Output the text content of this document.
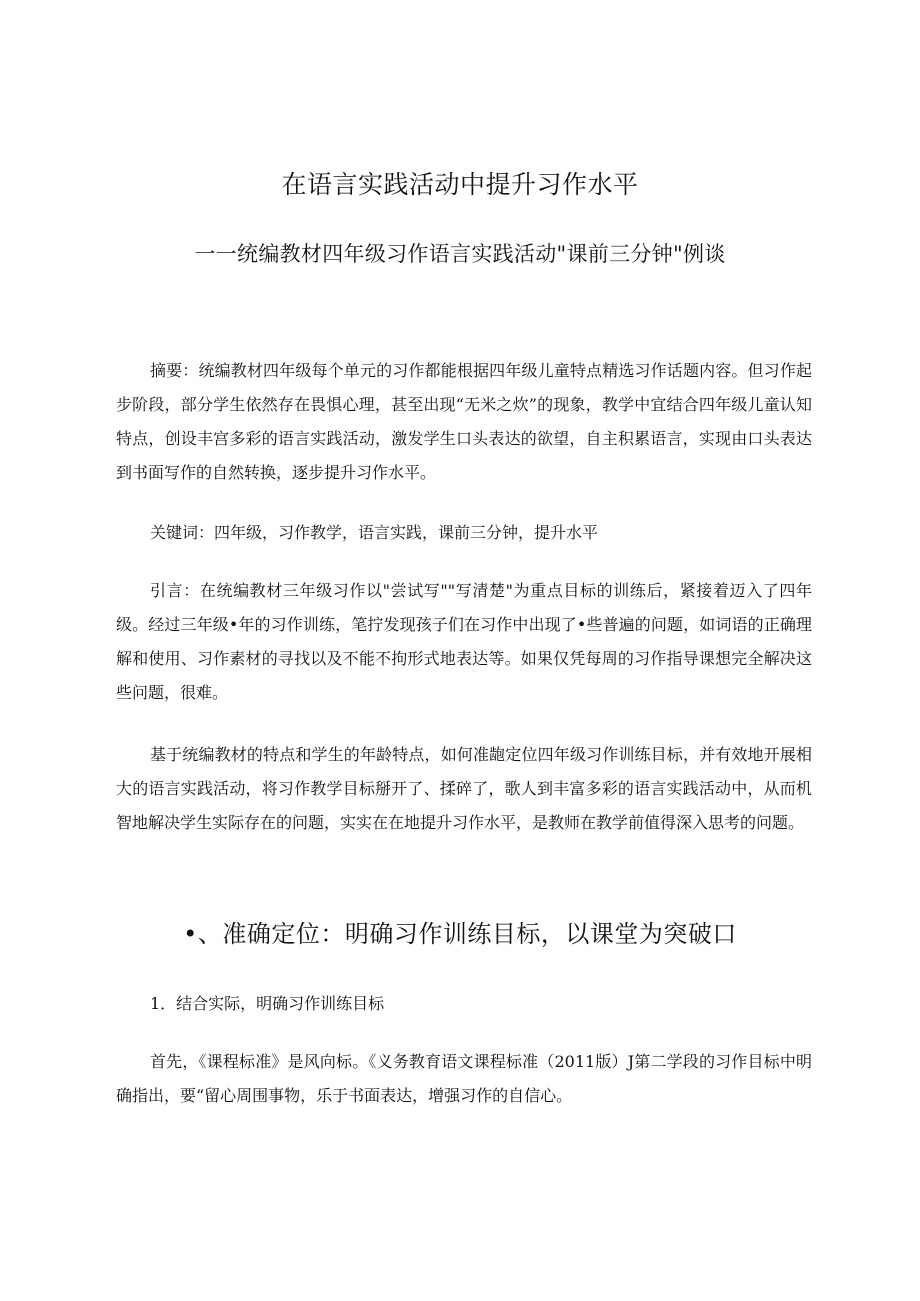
在语言实践活动中提升习作水平
一一统编教材四年级习作语言实践活动"课前三分钟"例谈
摘要：统编教材四年级每个单元的习作都能根据四年级儿童特点精选习作话题内容。但习作起步阶段，部分学生依然存在畏惧心理，甚至出现“无米之炊”的现象，教学中宜结合四年级儿童认知特点，创设丰宫多彩的语言实践活动，激发学生口头表达的欲望，自主积累语言，实现由口头表达到书面写作的自然转换，逐步提升习作水平。
关键词：四年级，习作教学，语言实践，课前三分钟，提升水平
引言：在统编教材三年级习作以"尝试写""写清楚"为重点目标的训练后，紧接着迈入了四年级。经过三年级•年的习作训练，笔拧发现孩子们在习作中出现了•些普遍的问题，如词语的正确理解和使用、习作素材的寻找以及不能不拘形式地表达等。如果仅凭每周的习作指导课想完全解决这些问题，很难。
基于统编教材的特点和学生的年龄特点，如何准龅定位四年级习作训练目标，并有效地开展相大的语言实践活动，将习作教学目标掰开了、揉碎了，歌人到丰富多彩的语言实践活动中，从而机智地解决学生实际存在的问题，实实在在地提升习作水平，是教师在教学前值得深入思考的问题。
•、准确定位：明确习作训练目标，以课堂为突破口
1．结合实际，明确习作训练目标
首先，《课程标准》是风向标。《义务教育语文课程标准（2011版）J第二学段的习作目标中明确指出，要“留心周围事物，乐于书面表达，增强习作的自信心。
